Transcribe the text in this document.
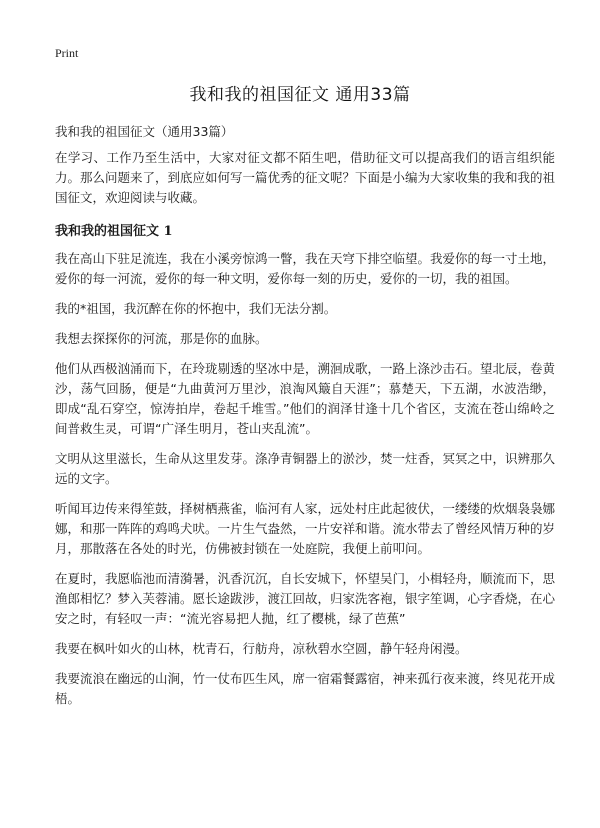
Print
我和我的祖国征文 通用33篇

我和我的祖国征文（通用33篇）

在学习、工作乃至生活中，大家对征文都不陌生吧，借助征文可以提高我们的语言组织能力。那么问题来了，到底应如何写一篇优秀的征文呢？下面是小编为大家收集的我和我的祖国征文，欢迎阅读与收藏。

我和我的祖国征文 1

我在高山下驻足流连，我在小溪旁惊鸿一瞥，我在天穹下排空临望。我爱你的每一寸土地，爱你的每一河流，爱你的每一种文明，爱你每一刻的历史，爱你的一切，我的祖国。

我的*祖国，我沉醉在你的怀抱中，我们无法分割。

我想去探探你的河流，那是你的血脉。

他们从西极汹涌而下，在玲珑剔透的坚冰中是，溯洄成歌，一路上涤沙击石。望北辰，卷黄沙，荡气回肠，便是“九曲黄河万里沙，浪淘风簸自天涯”；慕楚天，下五湖，水波浩缈，即成“乱石穿空，惊涛拍岸，卷起千堆雪。”他们的润泽甘逢十几个省区，支流在苍山绵岭之间普救生灵，可谓“广泽生明月，苍山夹乱流”。

文明从这里滋长，生命从这里发芽。涤净青铜器上的淤沙，焚一炷香，冥冥之中，识辨那久远的文字。

听闻耳边传来得笙鼓，择树栖燕雀，临河有人家，远处村庄此起彼伏，一缕缕的炊烟袅袅娜娜，和那一阵阵的鸡鸣犬吠。一片生气盎然，一片安祥和谐。流水带去了曾经风情万种的岁月，那散落在各处的时光，仿佛被封锁在一处庭院，我便上前叩问。

在夏时，我愿临池而清漪暑，汎香沉沉，自长安城下，怀望吴门，小楫轻舟，顺流而下，思渔郎相忆？梦入芙蓉浦。愿长途跋涉，渡江回故，归家洗客袍，银字笙调，心字香烧，在心安之时，有轻叹一声：“流光容易把人抛，红了樱桃，绿了芭蕉”

我要在枫叶如火的山林，枕青石，行舫舟，凉秋碧水空圆，静午轻舟闲漫。

我要流浪在幽远的山涧，竹一仗布匹生风，席一宿霜餐露宿，神来孤行夜来渡，终见花开成梧。
